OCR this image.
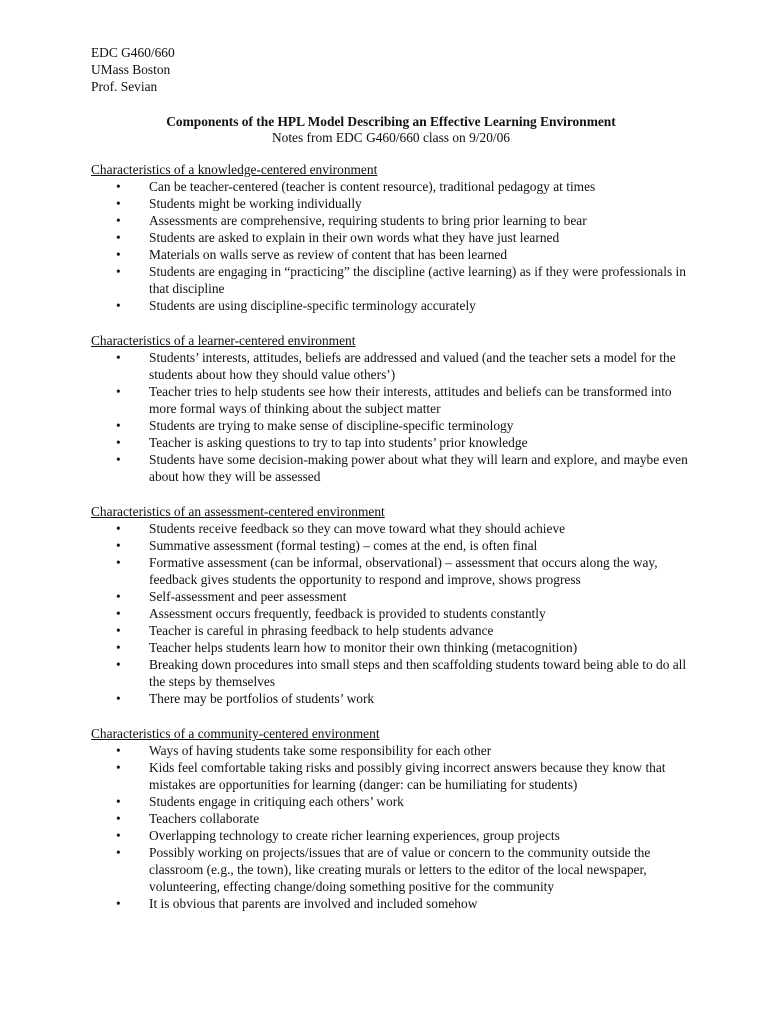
EDC G460/660

UMass Boston

Prof. Sevian

Components of the HPL Model Describing an Effective Learning Environment
Notes from EDC G460/660 class on 9/20/06

Characteristics of a knowledge-centered environment

• Can be teacher-centered (teacher is content resource), traditional pedagogy at times
• Students might be working individually
• Assessments are comprehensive, requiring students to bring prior learning to bear
• Students are asked to explain in their own words what they have just learned
• Materials on walls serve as review of content that has been learned
• Students are engaging in “practicing” the discipline (active learning) as if they were professionals in that discipline
• Students are using discipline-specific terminology accurately

Characteristics of a learner-centered environment

• Students’ interests, attitudes, beliefs are addressed and valued (and the teacher sets a model for the students about how they should value others’)
• Teacher tries to help students see how their interests, attitudes and beliefs can be transformed into more formal ways of thinking about the subject matter
• Students are trying to make sense of discipline-specific terminology
• Teacher is asking questions to try to tap into students’ prior knowledge
• Students have some decision-making power about what they will learn and explore, and maybe even about how they will be assessed

Characteristics of an assessment-centered environment

• Students receive feedback so they can move toward what they should achieve
• Summative assessment (formal testing) – comes at the end, is often final
• Formative assessment (can be informal, observational) – assessment that occurs along the way, feedback gives students the opportunity to respond and improve, shows progress
• Self-assessment and peer assessment
• Assessment occurs frequently, feedback is provided to students constantly
• Teacher is careful in phrasing feedback to help students advance
• Teacher helps students learn how to monitor their own thinking (metacognition)
• Breaking down procedures into small steps and then scaffolding students toward being able to do all the steps by themselves
• There may be portfolios of students’ work

Characteristics of a community-centered environment

• Ways of having students take some responsibility for each other
• Kids feel comfortable taking risks and possibly giving incorrect answers because they know that mistakes are opportunities for learning (danger: can be humiliating for students)
• Students engage in critiquing each others’ work
• Teachers collaborate
• Overlapping technology to create richer learning experiences, group projects
• Possibly working on projects/issues that are of value or concern to the community outside the classroom (e.g., the town), like creating murals or letters to the editor of the local newspaper, volunteering, effecting change/doing something positive for the community
• It is obvious that parents are involved and included somehow
